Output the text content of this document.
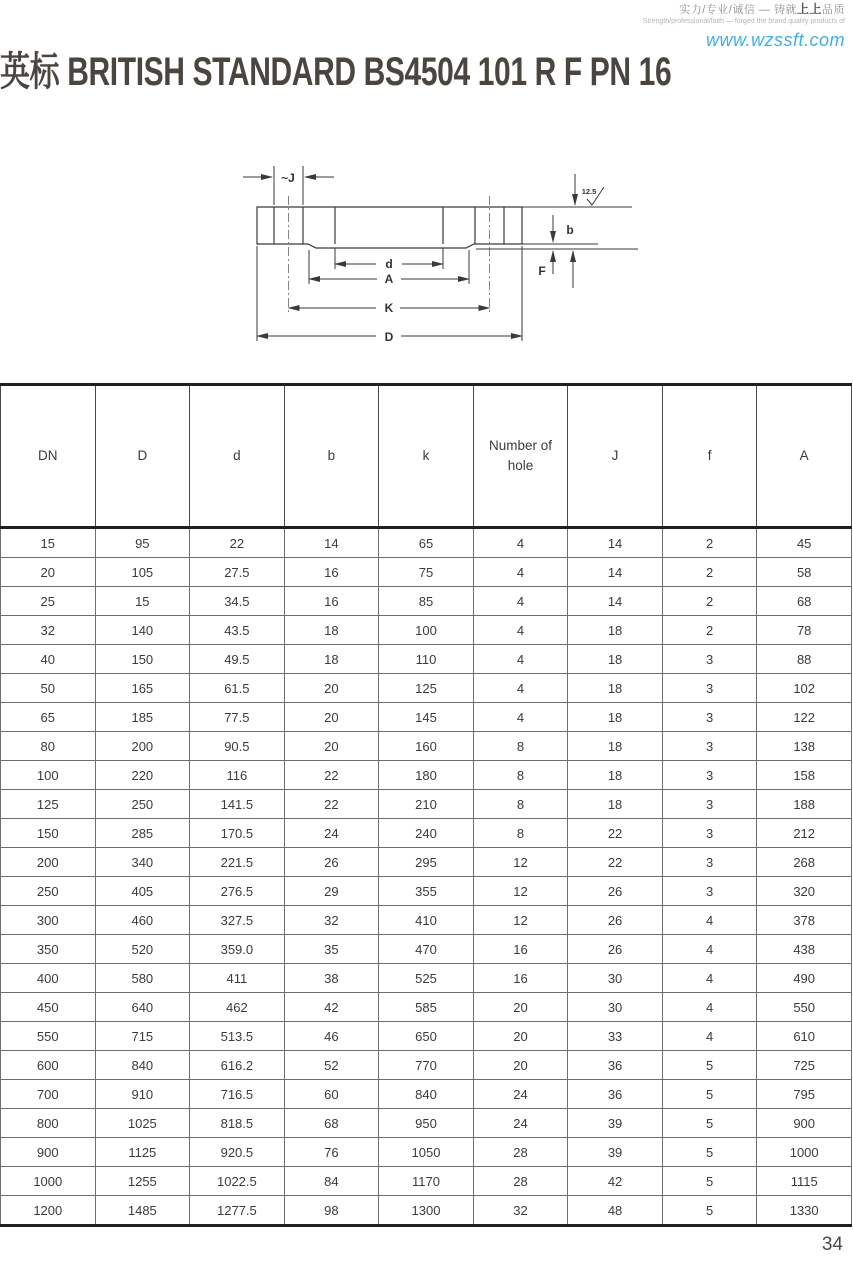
实力/专业/诚信 — 铸就上上品质
Strength/professional/faith — forged the brand quality products of
www.wzssft.com
英标 BRITISH STANDARD BS4504 101 R F PN 16
~J
d
A
K
D
b
F
12.5
DN	D	d	b	k	Number of hole	J	f	A
15	95	22	14	65	4	14	2	45
20	105	27.5	16	75	4	14	2	58
25	15	34.5	16	85	4	14	2	68
32	140	43.5	18	100	4	18	2	78
40	150	49.5	18	110	4	18	3	88
50	165	61.5	20	125	4	18	3	102
65	185	77.5	20	145	4	18	3	122
80	200	90.5	20	160	8	18	3	138
100	220	116	22	180	8	18	3	158
125	250	141.5	22	210	8	18	3	188
150	285	170.5	24	240	8	22	3	212
200	340	221.5	26	295	12	22	3	268
250	405	276.5	29	355	12	26	3	320
300	460	327.5	32	410	12	26	4	378
350	520	359.0	35	470	16	26	4	438
400	580	411	38	525	16	30	4	490
450	640	462	42	585	20	30	4	550
550	715	513.5	46	650	20	33	4	610
600	840	616.2	52	770	20	36	5	725
700	910	716.5	60	840	24	36	5	795
800	1025	818.5	68	950	24	39	5	900
900	1125	920.5	76	1050	28	39	5	1000
1000	1255	1022.5	84	1170	28	42	5	1115
1200	1485	1277.5	98	1300	32	48	5	1330
34
